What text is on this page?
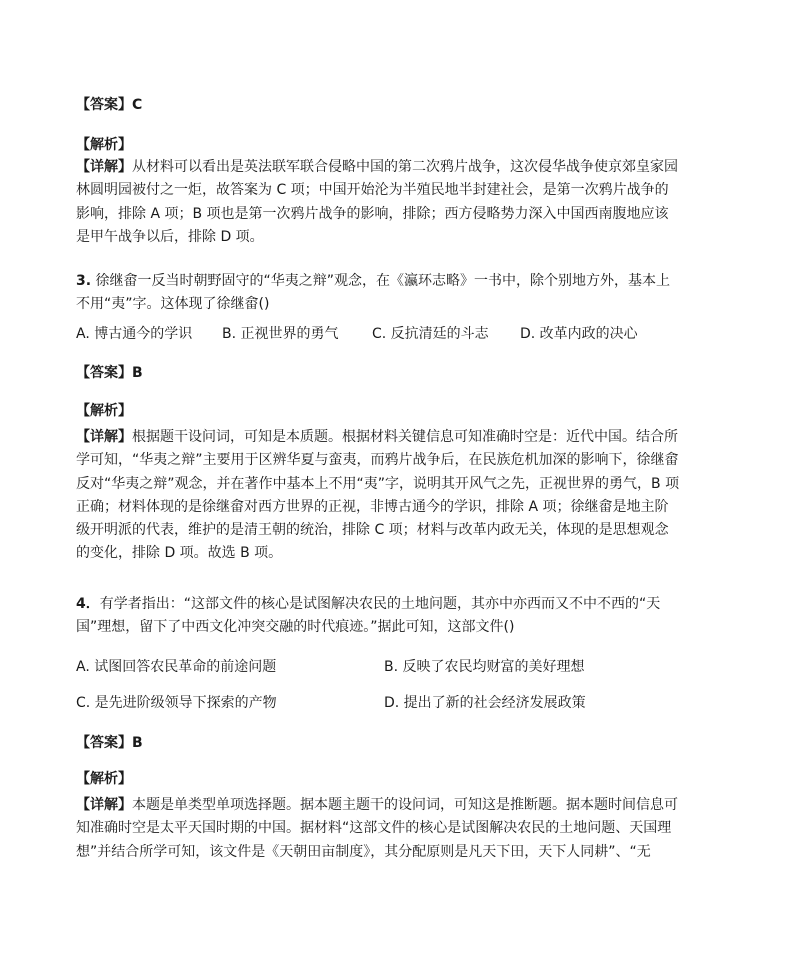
【答案】C
【解析】
【详解】从材料可以看出是英法联军联合侵略中国的第二次鸦片战争，这次侵华战争使京郊皇家园林圆明园被付之一炬，故答案为 C 项；中国开始沦为半殖民地半封建社会，是第一次鸦片战争的影响，排除 A 项；B 项也是第一次鸦片战争的影响，排除；西方侵略势力深入中国西南腹地应该是甲午战争以后，排除 D 项。
3. 徐继畲一反当时朝野固守的“华夷之辩”观念，在《瀛环志略》一书中，除个别地方外，基本上不用“夷”字。这体现了徐继畲()
A. 博古通今的学识 B. 正视世界的勇气 C. 反抗清廷的斗志 D. 改革内政的决心
【答案】B
【解析】
【详解】根据题干设问词，可知是本质题。根据材料关键信息可知准确时空是：近代中国。结合所学可知，“华夷之辩”主要用于区辨华夏与蛮夷，而鸦片战争后，在民族危机加深的影响下，徐继畲反对“华夷之辩”观念，并在著作中基本上不用“夷”字，说明其开风气之先，正视世界的勇气，B 项正确；材料体现的是徐继畲对西方世界的正视，非博古通今的学识，排除 A 项；徐继畲是地主阶级开明派的代表，维护的是清王朝的统治，排除 C 项；材料与改革内政无关，体现的是思想观念的变化，排除 D 项。故选 B 项。
4．有学者指出：“这部文件的核心是试图解决农民的土地问题，其亦中亦西而又不中不西的“天国”理想，留下了中西文化冲突交融的时代痕迹。”据此可知，这部文件()
A. 试图回答农民革命的前途问题	B. 反映了农民均财富的美好理想
C. 是先进阶级领导下探索的产物	D. 提出了新的社会经济发展政策
【答案】B
【解析】
【详解】本题是单类型单项选择题。据本题主题干的设问词，可知这是推断题。据本题时间信息可知准确时空是太平天国时期的中国。据材料“这部文件的核心是试图解决农民的土地问题、天国理想”并结合所学可知，该文件是《天朝田亩制度》，其分配原则是凡天下田，天下人同耕”、“无
